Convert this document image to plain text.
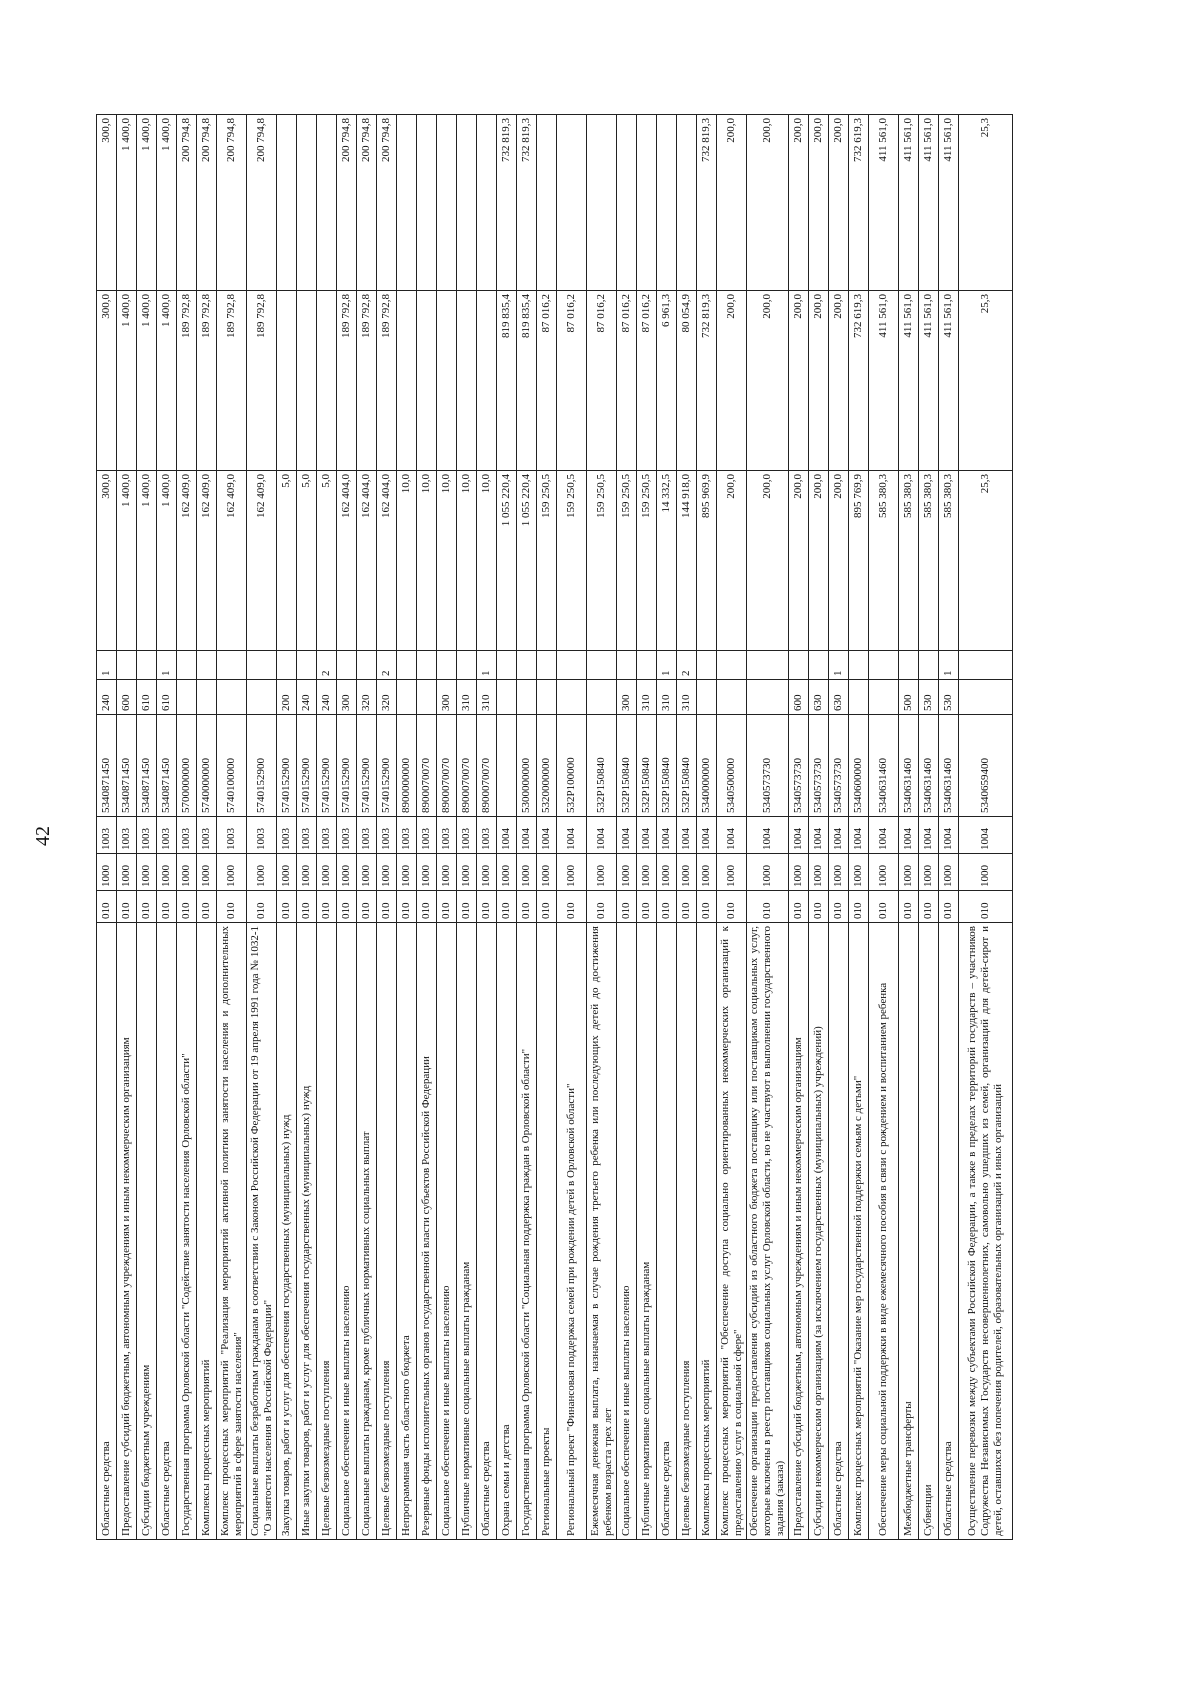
42
Областные средства	010	1000	1003	5340871450	240	1	300,0	300,0	300,0
Предоставление субсидий бюджетным, автономным учреждениям и иным некоммерческим организациям	010	1000	1003	5340871450	600		1 400,0	1 400,0	1 400,0
Субсидии бюджетным учреждениям	010	1000	1003	5340871450	610		1 400,0	1 400,0	1 400,0
Областные средства	010	1000	1003	5340871450	610	1	1 400,0	1 400,0	1 400,0
Государственная программа Орловской области "Содействие занятости населения Орловской области"	010	1000	1003	5700000000			162 409,0	189 792,8	200 794,8
Комплексы процессных мероприятий	010	1000	1003	5740000000			162 409,0	189 792,8	200 794,8
Комплекс процессных мероприятий "Реализация мероприятий активной политики занятости населения и дополнительных мероприятий в сфере занятости населения"	010	1000	1003	5740100000			162 409,0	189 792,8	200 794,8
Социальные выплаты безработным гражданам в соответствии с Законом Российской Федерации от 19 апреля 1991 года № 1032-1 "О занятости населения в Российской Федерации"	010	1000	1003	5740152900			162 409,0	189 792,8	200 794,8
Закупка товаров, работ и услуг для обеспечения государственных (муниципальных) нужд	010	1000	1003	5740152900	200		5,0		
Иные закупки товаров, работ и услуг для обеспечения государственных (муниципальных) нужд	010	1000	1003	5740152900	240		5,0		
Целевые безвозмездные поступления	010	1000	1003	5740152900	240	2	5,0		
Социальное обеспечение и иные выплаты населению	010	1000	1003	5740152900	300		162 404,0	189 792,8	200 794,8
Социальные выплаты гражданам, кроме публичных нормативных социальных выплат	010	1000	1003	5740152900	320		162 404,0	189 792,8	200 794,8
Целевые безвозмездные поступления	010	1000	1003	5740152900	320	2	162 404,0	189 792,8	200 794,8
Непрограммная часть областного бюджета	010	1000	1003	8900000000			10,0		
Резервные фонды исполнительных органов государственной власти субъектов Российской Федерации	010	1000	1003	8900070070			10,0		
Социальное обеспечение и иные выплаты населению	010	1000	1003	8900070070	300		10,0		
Публичные нормативные социальные выплаты гражданам	010	1000	1003	8900070070	310		10,0		
Областные средства	010	1000	1003	8900070070	310	1	10,0		
Охрана семьи и детства	010	1000	1004				1 055 220,4	819 835,4	732 819,3
Государственная программа Орловской области "Социальная поддержка граждан в Орловской области"	010	1000	1004	5300000000			1 055 220,4	819 835,4	732 819,3
Региональные проекты	010	1000	1004	5320000000			159 250,5	87 016,2	
Региональный проект "Финансовая поддержка семей при рождении детей в Орловской области"	010	1000	1004	532P100000			159 250,5	87 016,2	
Ежемесячная денежная выплата, назначаемая в случае рождения третьего ребенка или последующих детей до достижения ребенком возраста трех лет	010	1000	1004	532P150840			159 250,5	87 016,2	
Социальное обеспечение и иные выплаты населению	010	1000	1004	532P150840	300		159 250,5	87 016,2	
Публичные нормативные социальные выплаты гражданам	010	1000	1004	532P150840	310		159 250,5	87 016,2	
Областные средства	010	1000	1004	532P150840	310	1	14 332,5	6 961,3	
Целевые безвозмездные поступления	010	1000	1004	532P150840	310	2	144 918,0	80 054,9	
Комплексы процессных мероприятий	010	1000	1004	5340000000			895 969,9	732 819,3	732 819,3
Комплекс процессных мероприятий "Обеспечение доступа социально ориентированных некоммерческих организаций к предоставлению услуг в социальной сфере"	010	1000	1004	5340500000			200,0	200,0	200,0
Обеспечение организации предоставления субсидий из областного бюджета поставщику или поставщикам социальных услуг, которые включены в реестр поставщиков социальных услуг Орловской области, но не участвуют в выполнении государственного задания (заказа)	010	1000	1004	5340573730			200,0	200,0	200,0
Предоставление субсидий бюджетным, автономным учреждениям и иным некоммерческим организациям	010	1000	1004	5340573730	600		200,0	200,0	200,0
Субсидии некоммерческим организациям (за исключением государственных (муниципальных) учреждений)	010	1000	1004	5340573730	630		200,0	200,0	200,0
Областные средства	010	1000	1004	5340573730	630	1	200,0	200,0	200,0
Комплекс процессных мероприятий "Оказание мер государственной поддержки семьям с детьми"	010	1000	1004	5340600000			895 769,9	732 619,3	732 619,3
Обеспечение меры социальной поддержки в виде ежемесячного пособия в связи с рождением и воспитанием ребенка	010	1000	1004	5340631460			585 380,3	411 561,0	411 561,0
Межбюджетные трансферты	010	1000	1004	5340631460	500		585 380,3	411 561,0	411 561,0
Субвенции	010	1000	1004	5340631460	530		585 380,3	411 561,0	411 561,0
Областные средства	010	1000	1004	5340631460	530	1	585 380,3	411 561,0	411 561,0
Осуществление перевозки между субъектами Российской Федерации, а также в пределах территорий государств – участников Содружества Независимых Государств несовершеннолетних, самовольно ушедших из семей, организаций для детей-сирот и детей, оставшихся без попечения родителей, образовательных организаций и иных организаций	010	1000	1004	5340659400			25,3	25,3	25,3
